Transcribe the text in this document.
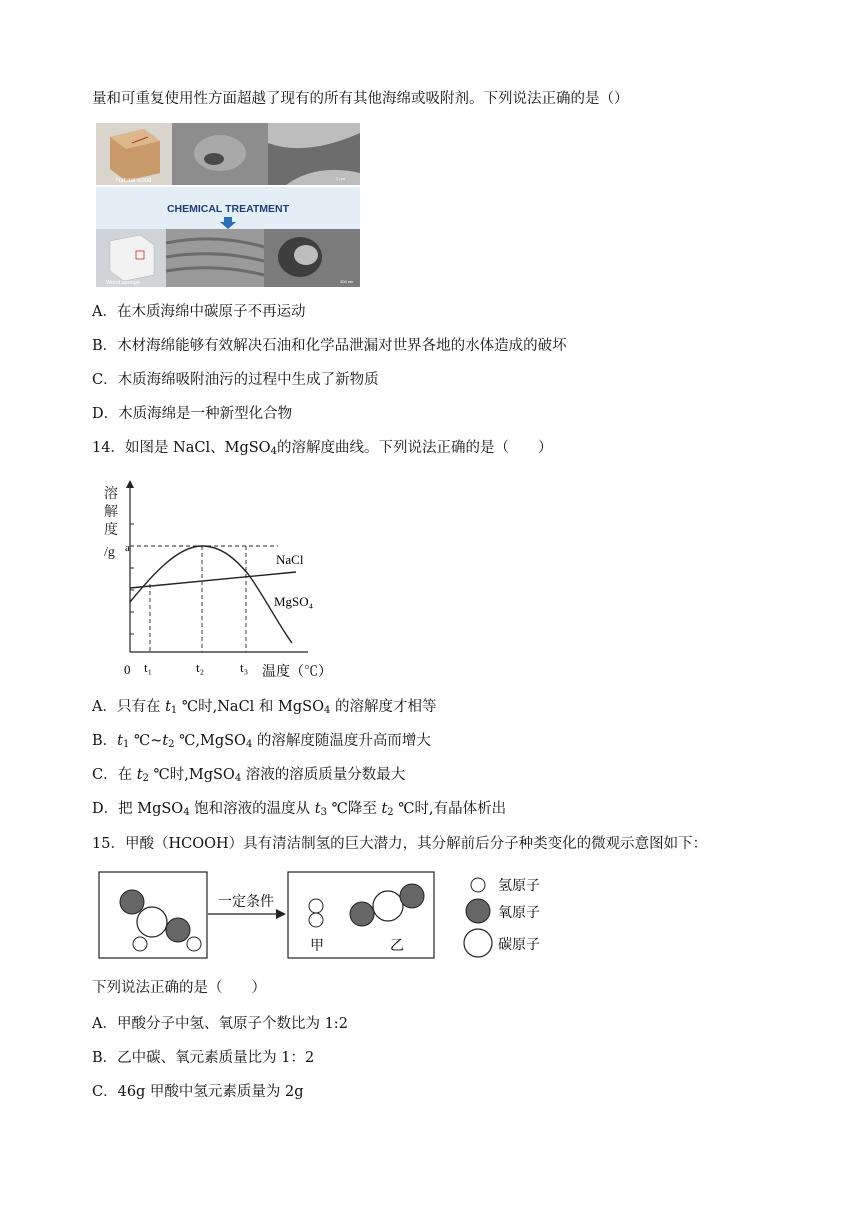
量和可重复使用性方面超越了现有的所有其他海绵或吸附剂。下列说法正确的是（）
Natural wood	2 μm
CHEMICAL TREATMENT
Wood sponge	300 nm
A．在木质海绵中碳原子不再运动
B．木材海绵能够有效解决石油和化学品泄漏对世界各地的水体造成的破坏
C．木质海绵吸附油污的过程中生成了新物质
D．木质海绵是一种新型化合物
14．如图是 NaCl、MgSO$_4$的溶解度曲线。下列说法正确的是（　　）
溶
解
度
/g a
NaCl
MgSO₄
0 t₁	t₂	t₃ 温度（℃）
A．只有在 $t_1$ ℃时,NaCl 和 MgSO$_4$ 的溶解度才相等
B．$t_1$ $℃\sim t_2$ ℃,MgSO$_4$ 的溶解度随温度升高而增大
C．在 $t_2$ ℃时,MgSO$_4$ 溶液的溶质质量分数最大
D．把 MgSO$_4$ 饱和溶液的温度从 $t_3$ ℃降至 $t_2$ ℃时,有晶体析出
15．甲酸（HCOOH）具有清洁制氢的巨大潜力，其分解前后分子种类变化的微观示意图如下：
一定条件
甲	乙
氢原子
氧原子
碳原子
下列说法正确的是（　　）
A．甲酸分子中氢、氧原子个数比为 1:2
B．乙中碳、氧元素质量比为 1：2
C．46g 甲酸中氢元素质量为 2g
